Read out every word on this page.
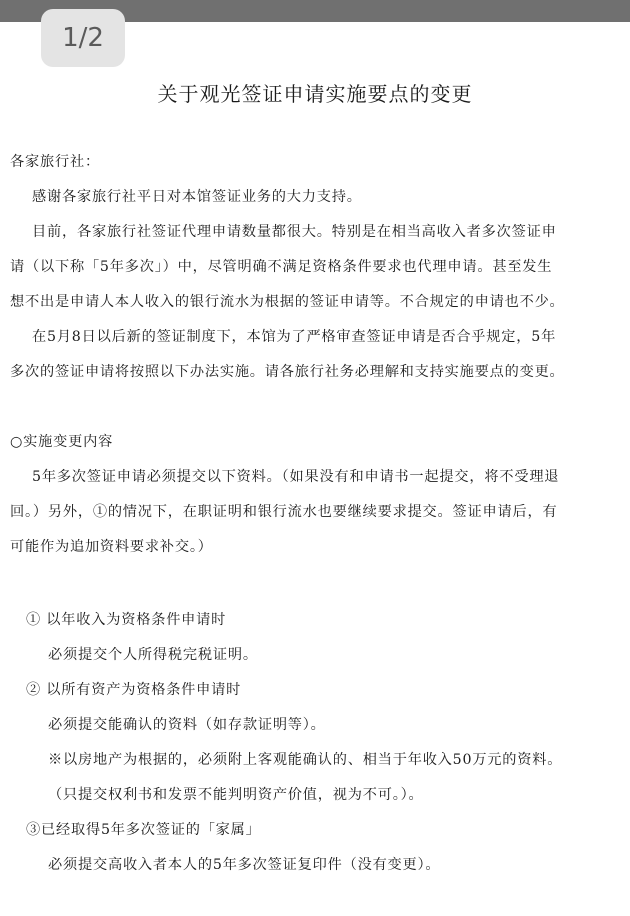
1/2
关于观光签证申请实施要点的变更

各家旅行社：

感谢各家旅行社平日对本馆签证业务的大力支持。

目前，各家旅行社签证代理申请数量都很大。特别是在相当高收入者多次签证申

请（以下称「5年多次」）中，尽管明确不满足资格条件要求也代理申请。甚至发生

想不出是申请人本人收入的银行流水为根据的签证申请等。不合规定的申请也不少。

在5月8日以后新的签证制度下，本馆为了严格审查签证申请是否合乎规定，5年

多次的签证申请将按照以下办法实施。请各旅行社务必理解和支持实施要点的变更。

○实施变更内容

5年多次签证申请必须提交以下资料。（如果没有和申请书一起提交，将不受理退

回。）另外，①的情况下，在职证明和银行流水也要继续要求提交。签证申请后，有

可能作为追加资料要求补交。）

① 以年收入为资格条件申请时

必须提交个人所得税完税证明。

② 以所有资产为资格条件申请时

必须提交能确认的资料（如存款证明等）。

※以房地产为根据的，必须附上客观能确认的、相当于年收入50万元的资料。

（只提交权利书和发票不能判明资产价值，视为不可。）。

③已经取得5年多次签证的「家属」

必须提交高收入者本人的5年多次签证复印件（没有变更）。
